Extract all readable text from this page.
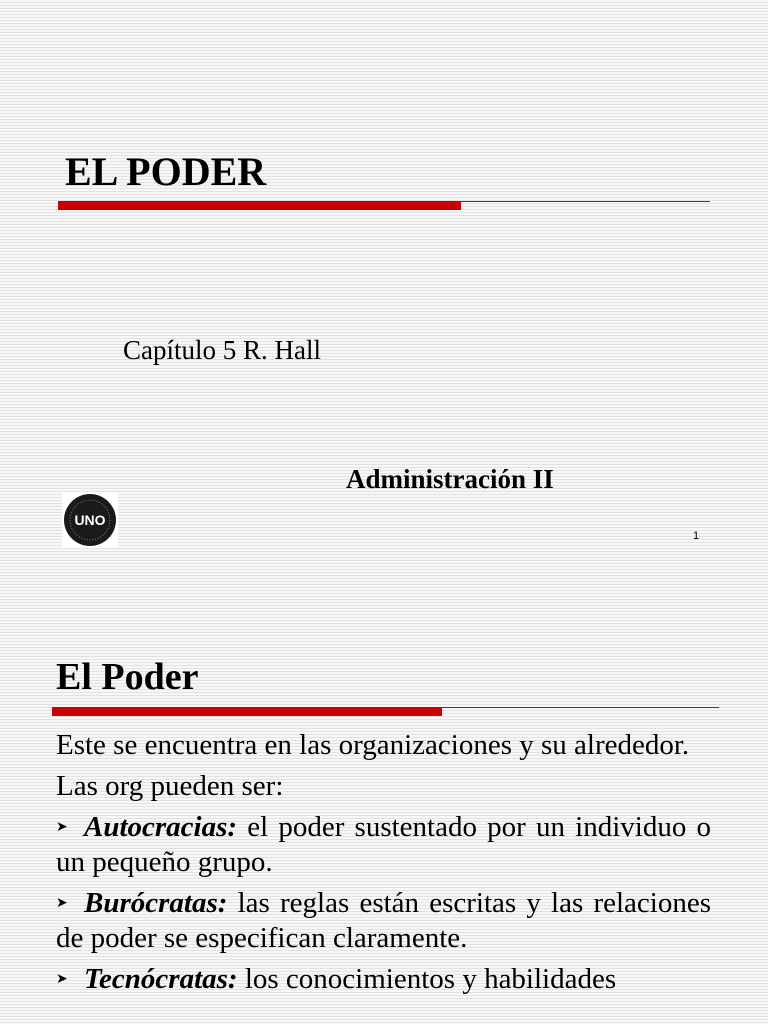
EL PODER
Capítulo 5 R. Hall
Administración II
UNO
1
El Poder

Este se encuentra en las organizaciones y su alrededor.

Las org pueden ser:

➤ Autocracias: el poder sustentado por un individuo o un pequeño grupo.

➤ Burócratas: las reglas están escritas y las relaciones de poder se especifican claramente.

➤ Tecnócratas: los conocimientos y habilidades
